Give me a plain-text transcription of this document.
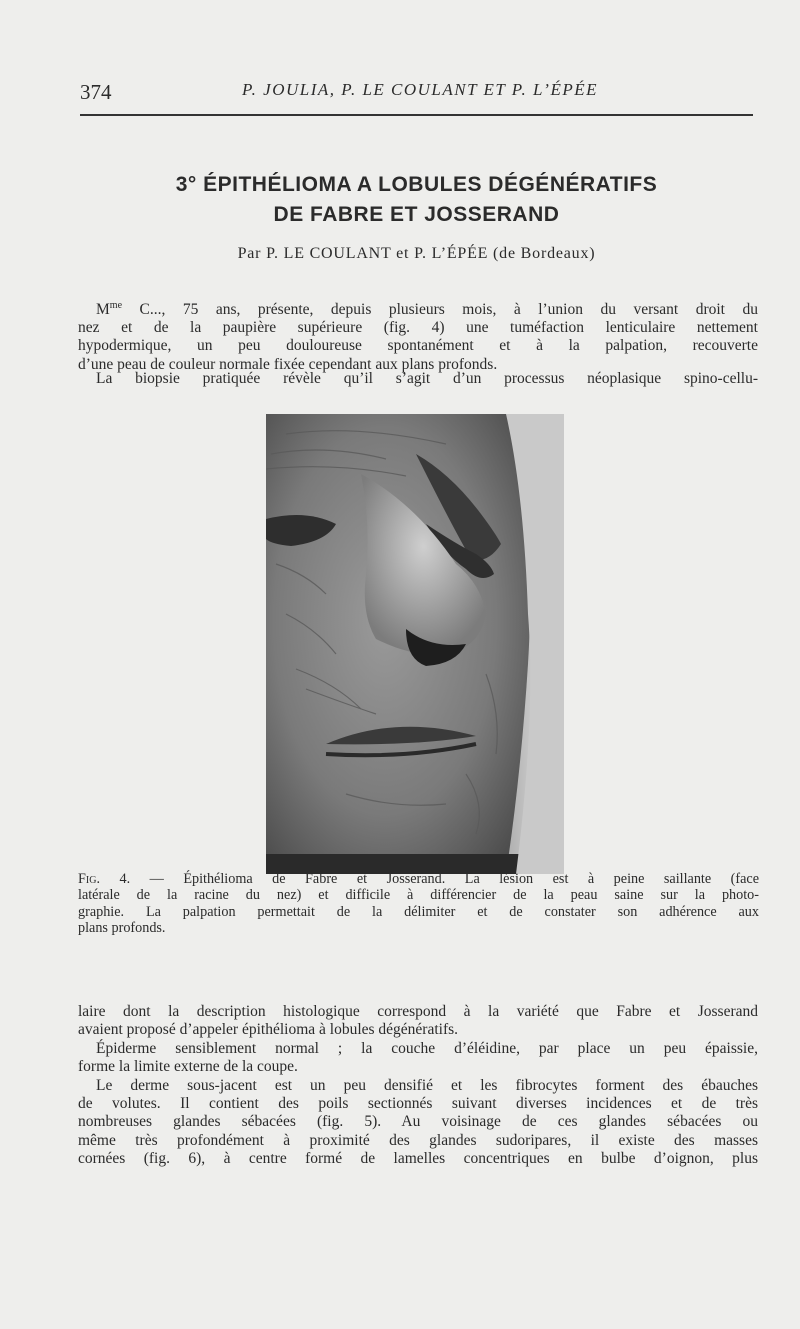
374	P. JOULIA, P. LE COULANT ET P. L’ÉPÉE
3° ÉPITHÉLIOMA A LOBULES DÉGÉNÉRATIFS
DE FABRE ET JOSSERAND
Par P. LE COULANT et P. L’ÉPÉE (de Bordeaux)
$M^{me}$ C..., 75 ans, présente, depuis plusieurs mois, à l’union du versant droit du
nez et de la paupière supérieure (fig. 4) une tuméfaction lenticulaire nettement
hypodermique, un peu douloureuse spontanément et à la palpation, recouverte
d’une peau de couleur normale fixée cependant aux plans profonds.
La biopsie pratiquée révèle qu’il s’agit d’un processus néoplasique spino-cellu-
Fig. 4. — Épithélioma de Fabre et Josserand. La lésion est à peine saillante (face
latérale de la racine du nez) et difficile à différencier de la peau saine sur la photo-
graphie. La palpation permettait de la délimiter et de constater son adhérence aux
plans profonds.
laire dont la description histologique correspond à la variété que Fabre et Josserand
avaient proposé d’appeler épithélioma à lobules dégénératifs.
Épiderme sensiblement normal ; la couche d’éléidine, par place un peu épaissie,
forme la limite externe de la coupe.
Le derme sous-jacent est un peu densifié et les fibrocytes forment des ébauches
de volutes. Il contient des poils sectionnés suivant diverses incidences et de très
nombreuses glandes sébacées (fig. 5). Au voisinage de ces glandes sébacées ou
même très profondément à proximité des glandes sudoripares, il existe des masses
cornées (fig. 6), à centre formé de lamelles concentriques en bulbe d’oignon, plus
